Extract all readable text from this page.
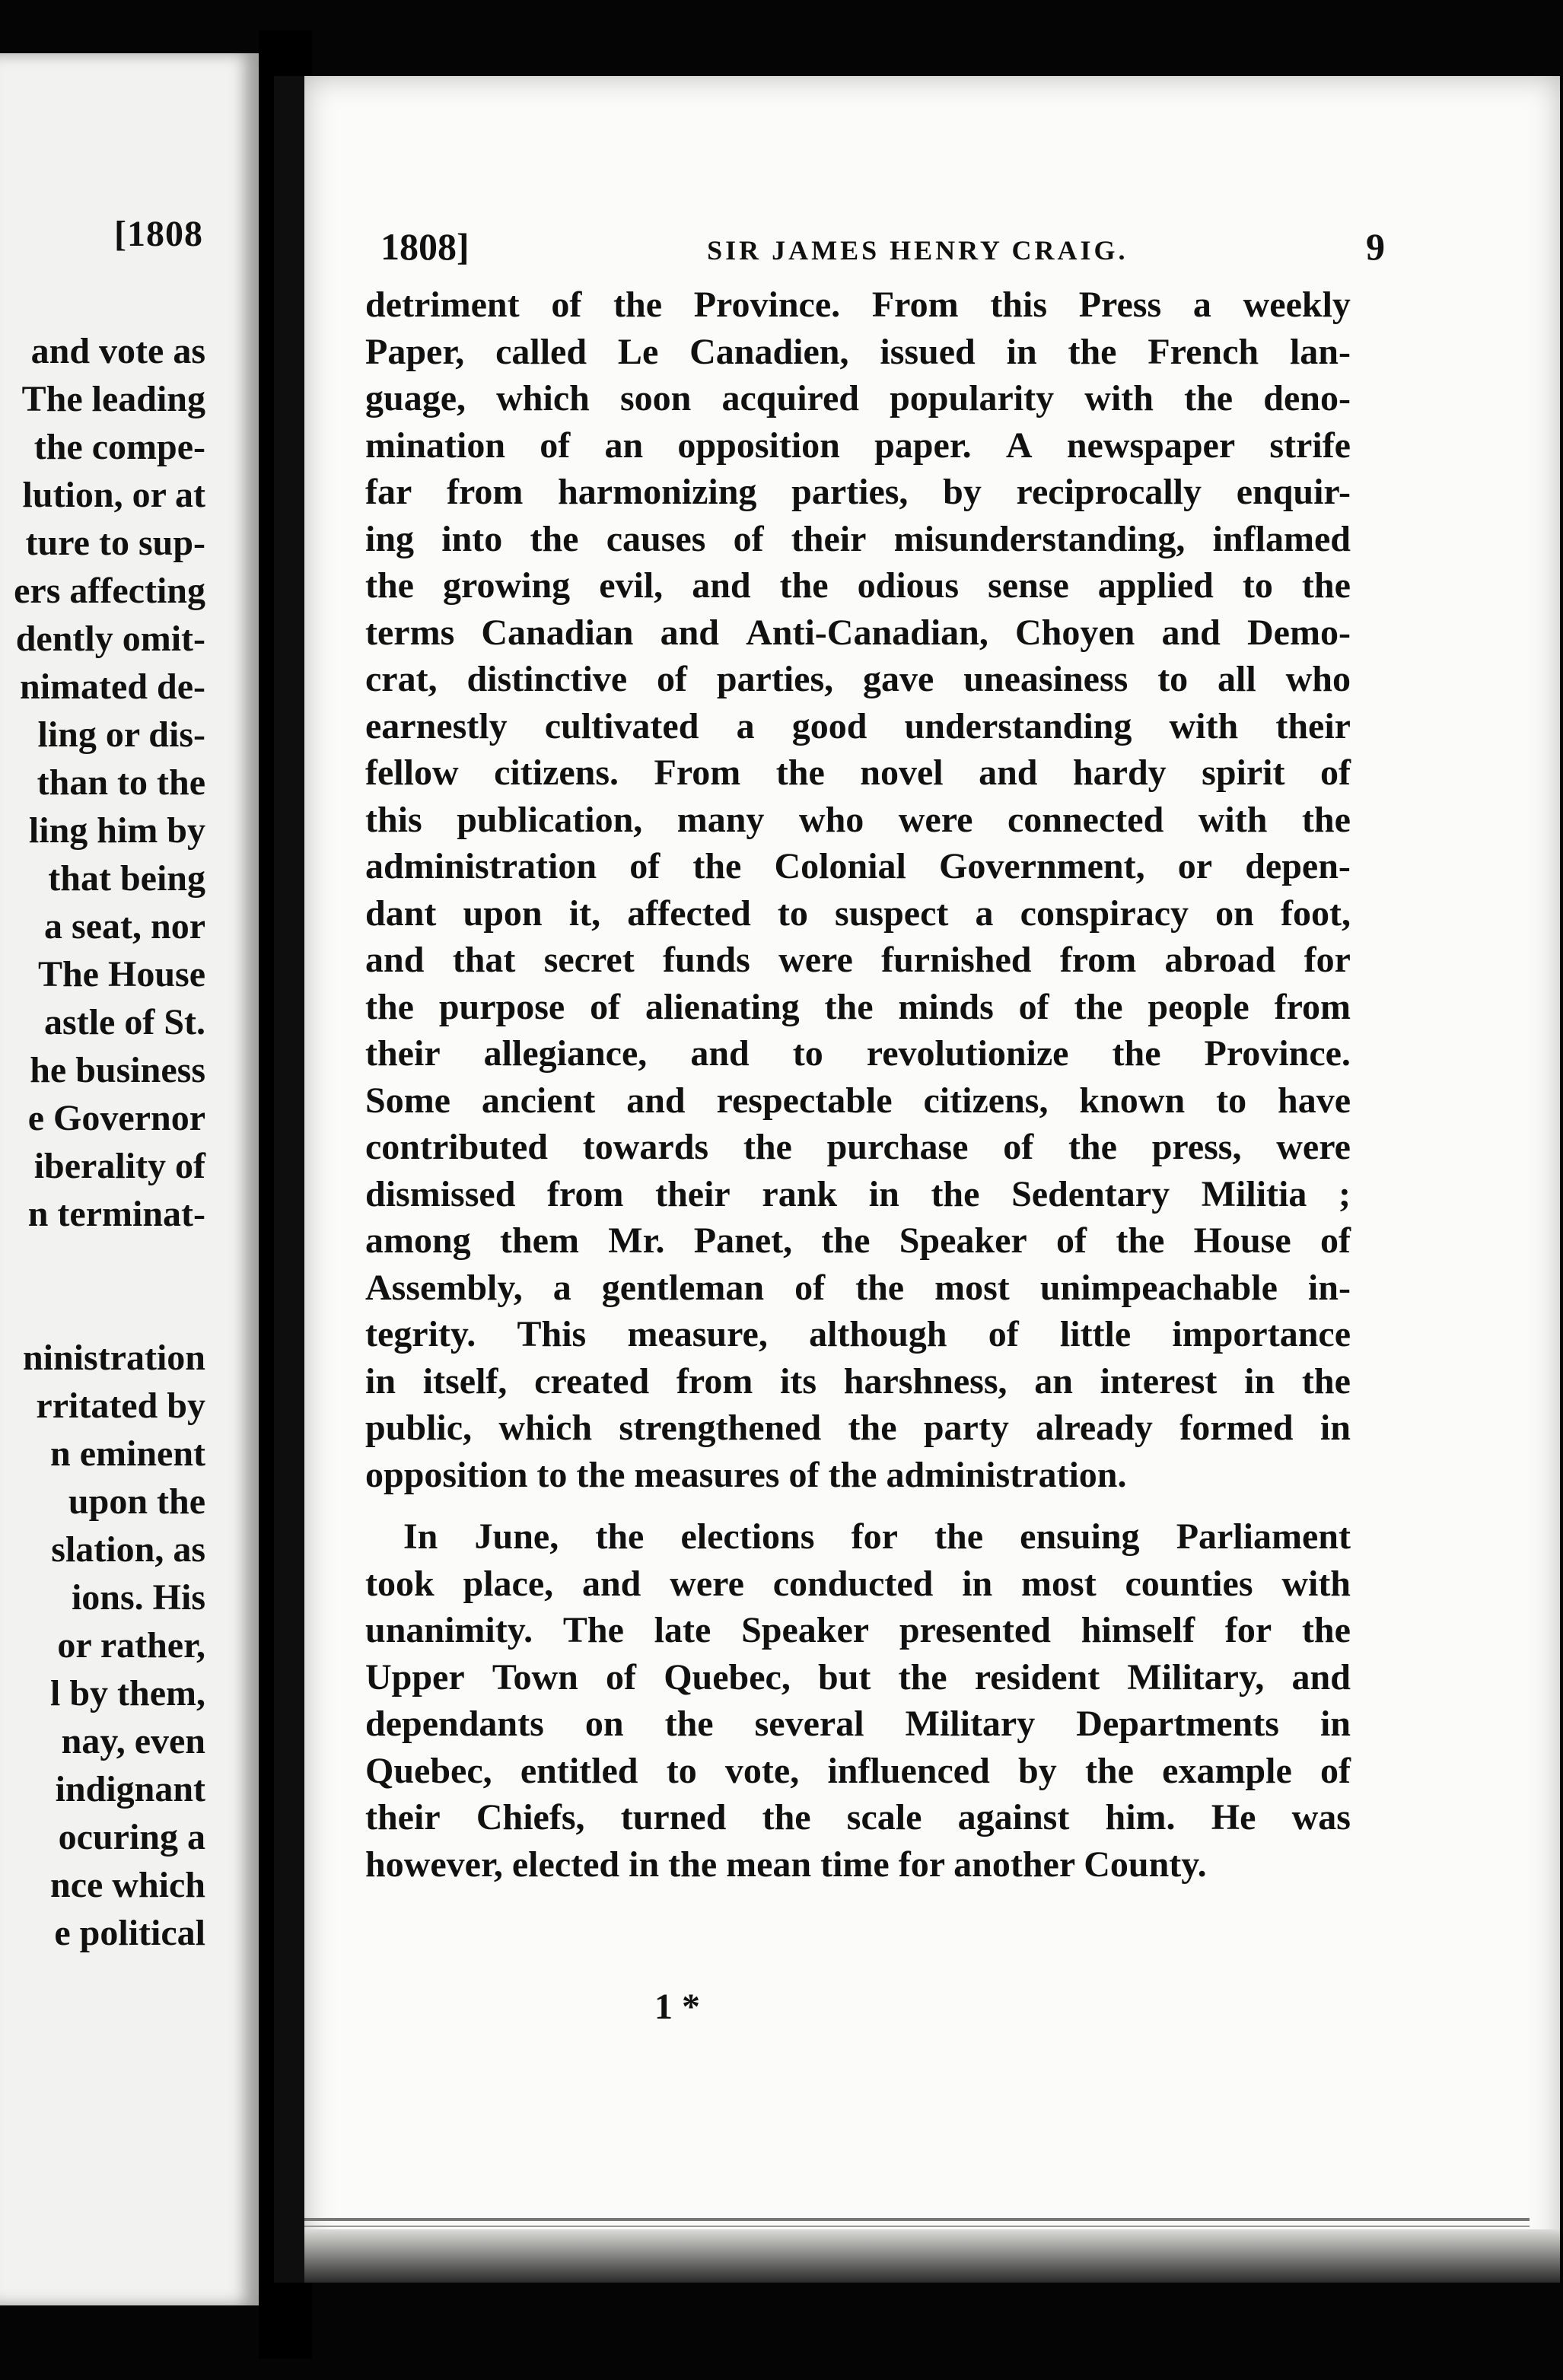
[1808
and vote as
The leading
the compe-
lution, or at
ture to sup-
ers affecting
dently omit-
nimated de-
ling or dis-
than to the
ling him by
that being
a seat, nor
The House
astle of St.
he business
e Governor
iberality of
n terminat-
ninistration
rritated by
n eminent
upon the
slation, as
ions. His
or rather,
l by them,
nay, even
indignant
ocuring a
nce which
e political
1808]	SIR JAMES HENRY CRAIG.	9
detriment of the Province. From this Press a weekly
Paper, called Le Canadien, issued in the French lan-
guage, which soon acquired popularity with the deno-
mination of an opposition paper. A newspaper strife
far from harmonizing parties, by reciprocally enquir-
ing into the causes of their misunderstanding, inflamed
the growing evil, and the odious sense applied to the
terms Canadian and Anti-Canadian, Choyen and Demo-
crat, distinctive of parties, gave uneasiness to all who
earnestly cultivated a good understanding with their
fellow citizens. From the novel and hardy spirit of
this publication, many who were connected with the
administration of the Colonial Government, or depen-
dant upon it, affected to suspect a conspiracy on foot,
and that secret funds were furnished from abroad for
the purpose of alienating the minds of the people from
their allegiance, and to revolutionize the Province.
Some ancient and respectable citizens, known to have
contributed towards the purchase of the press, were
dismissed from their rank in the Sedentary Militia ;
among them Mr. Panet, the Speaker of the House of
Assembly, a gentleman of the most unimpeachable in-
tegrity. This measure, although of little importance
in itself, created from its harshness, an interest in the
public, which strengthened the party already formed in
opposition to the measures of the administration.
In June, the elections for the ensuing Parliament
took place, and were conducted in most counties with
unanimity. The late Speaker presented himself for the
Upper Town of Quebec, but the resident Military, and
dependants on the several Military Departments in
Quebec, entitled to vote, influenced by the example of
their Chiefs, turned the scale against him. He was
however, elected in the mean time for another County.
1 *
